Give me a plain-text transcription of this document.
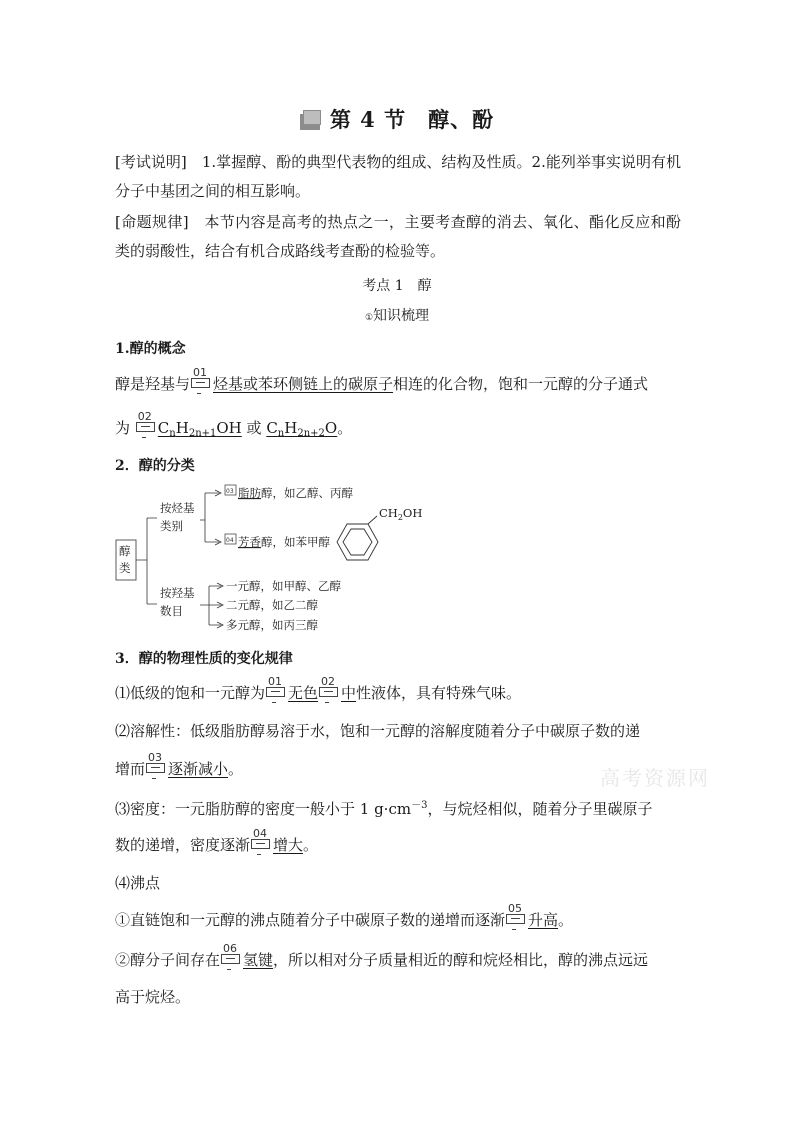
第 4 节 醇、酚
[考试说明]　 1.掌握醇、酚的典型代表物的组成、结构及性质。2.能列举事实说明有机分子中基团之间的相互影响。
[命题规律]　 本节内容是高考的热点之一，主要考查醇的消去、氧化、酯化反应和酚类的弱酸性，结合有机合成路线考查酚的检验等。
考点 1　醇
①知识梳理
1.醇的概念
醇是羟基与
01
烃基或苯环侧链上的碳原子相连的化合物，饱和一元醇的分子通式
为
02
$C_nH_{2n+1}OH$ 或 $C_nH_{2n+2}O$。
2．醇的分类
醇
类
按烃基
类别
03 脂肪醇，如乙醇、丙醇
04 芳香醇，如苯甲醇
$CH_2OH$
按羟基
数目
一元醇，如甲醇、乙醇
二元醇，如乙二醇
多元醇，如丙三醇
3．醇的物理性质的变化规律
⑴低级的饱和一元醇为
01
无色
02
中性液体，具有特殊气味。
⑵溶解性：低级脂肪醇易溶于水，饱和一元醇的溶解度随着分子中碳原子数的递
增而
03
逐渐减小。
⑶密度：一元脂肪醇的密度一般小于 1 $g\cdot cm^{-3}$，与烷烃相似，随着分子里碳原子
数的递增，密度逐渐
04
增大。
⑷沸点
①直链饱和一元醇的沸点随着分子中碳原子数的递增而逐渐
05
升高。
②醇分子间存在
06
氢键，所以相对分子质量相近的醇和烷烃相比，醇的沸点远远
高于烷烃。
高考资源网
